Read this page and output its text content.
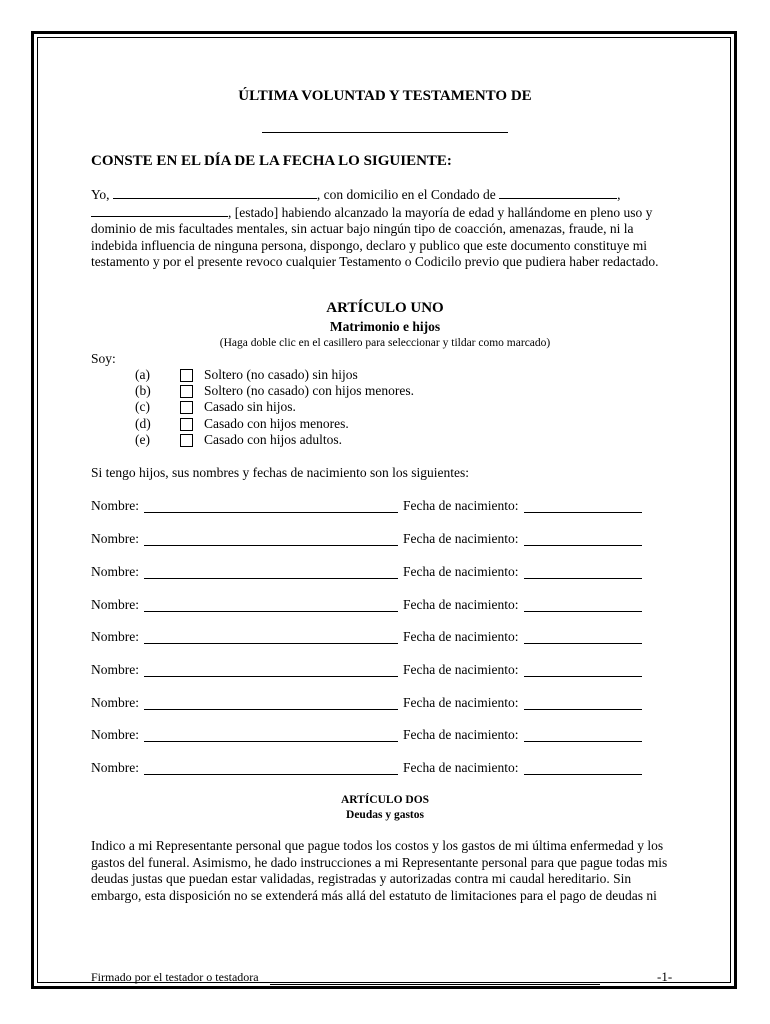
ÚLTIMA VOLUNTAD Y TESTAMENTO DE
CONSTE EN EL DÍA DE LA FECHA LO SIGUIENTE:
Yo,	, con domicilio en el Condado de	, , [estado] habiendo alcanzado la mayoría de edad y hallándome en pleno uso y dominio de mis facultades mentales, sin actuar bajo ningún tipo de coacción, amenazas, fraude, ni la indebida influencia de ninguna persona, dispongo, declaro y publico que este documento constituye mi testamento y por el presente revoco cualquier Testamento o Codicilo previo que pudiera haber redactado.
ARTÍCULO UNO
Matrimonio e hijos
(Haga doble clic en el casillero para seleccionar y tildar como marcado)
Soy:
(a)	Soltero (no casado) sin hijos
(b)	Soltero (no casado) con hijos menores.
(c)	Casado sin hijos.
(d)	Casado con hijos menores.
(e)	Casado con hijos adultos.
Si tengo hijos, sus nombres y fechas de nacimiento son los siguientes:
Nombre:	Fecha de nacimiento:
Nombre:	Fecha de nacimiento:
Nombre:	Fecha de nacimiento:
Nombre:	Fecha de nacimiento:
Nombre:	Fecha de nacimiento:
Nombre:	Fecha de nacimiento:
Nombre:	Fecha de nacimiento:
Nombre:	Fecha de nacimiento:
Nombre:	Fecha de nacimiento:
ARTÍCULO DOS
Deudas y gastos
Indico a mi Representante personal que pague todos los costos y los gastos de mi última enfermedad y los gastos del funeral. Asimismo, he dado instrucciones a mi Representante personal para que pague todas mis deudas justas que puedan estar validadas, registradas y autorizadas contra mi caudal hereditario. Sin embargo, esta disposición no se extenderá más allá del estatuto de limitaciones para el pago de deudas ni
Firmado por el testador o testadora	-1-
